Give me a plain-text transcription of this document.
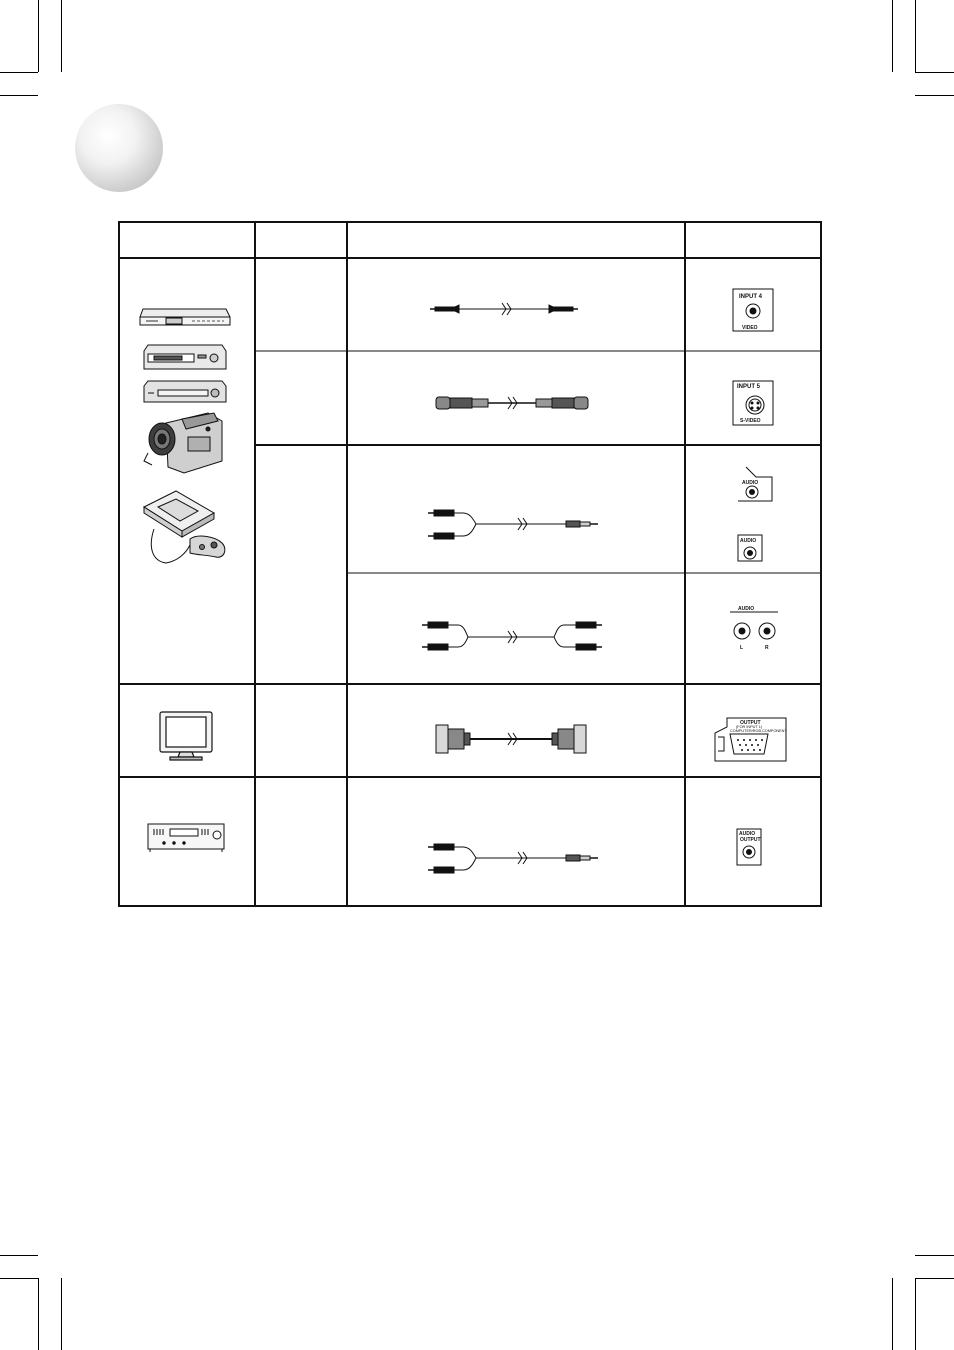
INPUT 4
VIDEO
INPUT 5
S-VIDEO
AUDIO
AUDIO
AUDIO
L	R
OUTPUT
(FOR INPUT 1)
COMPUTER/RGB,COMPONENT
AUDIO
OUTPUT
